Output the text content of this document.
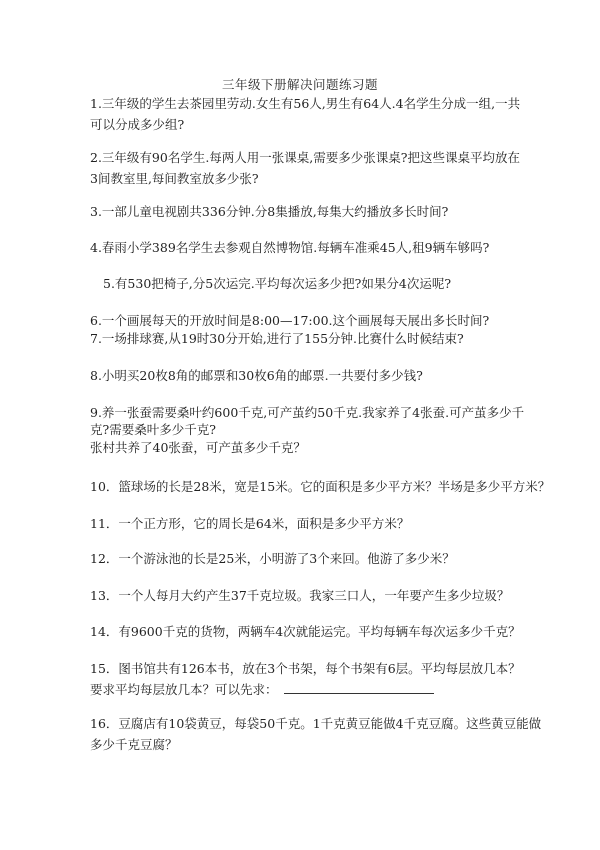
三年级下册解决问题练习题
1.三年级的学生去茶园里劳动.女生有56人,男生有64人.4名学生分成一组,一共
可以分成多少组?
2.三年级有90名学生.每两人用一张课桌,需要多少张课桌?把这些课桌平均放在
3间教室里,每间教室放多少张?
3.一部儿童电视剧共336分钟.分8集播放,每集大约播放多长时间?
4.春雨小学389名学生去参观自然博物馆.每辆车准乘45人,租9辆车够吗?
5.有530把椅子,分5次运完.平均每次运多少把?如果分4次运呢?
6.一个画展每天的开放时间是8:00—17:00.这个画展每天展出多长时间?
7.一场排球赛,从19时30分开始,进行了155分钟.比赛什么时候结束?
8.小明买20枚8角的邮票和30枚6角的邮票.一共要付多少钱?
9.养一张蚕需要桑叶约600千克,可产茧约50千克.我家养了4张蚕.可产茧多少千
克?需要桑叶多少千克?
张村共养了40张蚕，可产茧多少千克？
10．篮球场的长是28米，宽是15米。它的面积是多少平方米？半场是多少平方米？
11．一个正方形，它的周长是64米，面积是多少平方米？
12．一个游泳池的长是25米，小明游了3个来回。他游了多少米？
13．一个人每月大约产生37千克垃圾。我家三口人，一年要产生多少垃圾？
14．有9600千克的货物，两辆车4次就能运完。平均每辆车每次运多少千克？
15．图书馆共有126本书，放在3个书架，每个书架有6层。平均每层放几本？
要求平均每层放几本？可以先求：
16．豆腐店有10袋黄豆，每袋50千克。1千克黄豆能做4千克豆腐。这些黄豆能做
多少千克豆腐？
